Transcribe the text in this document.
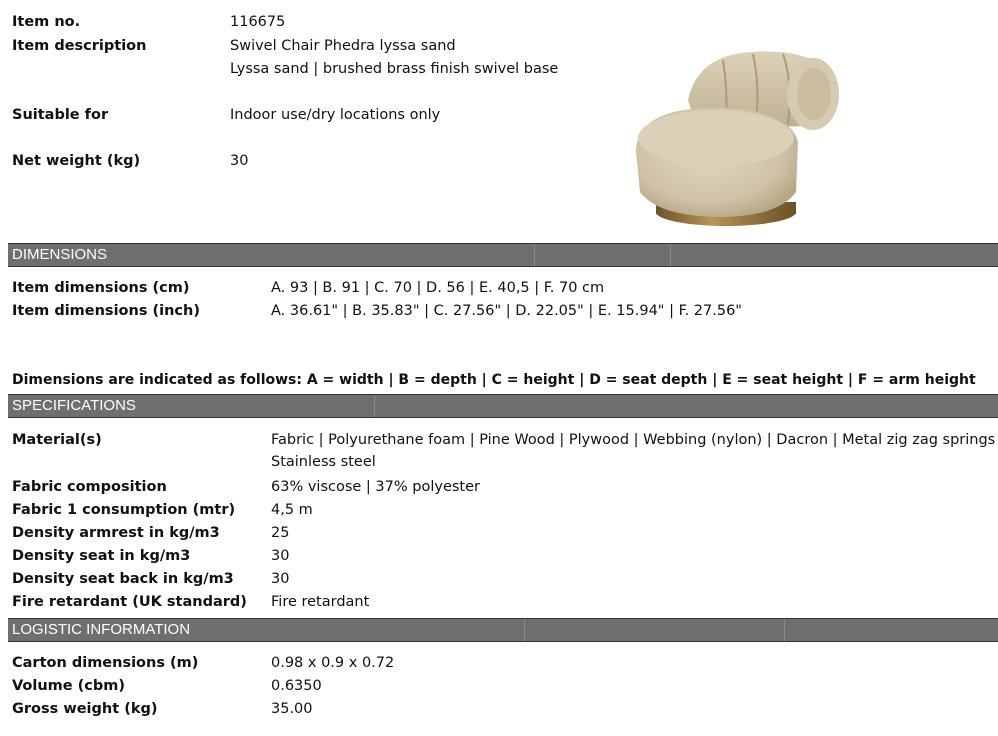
Item no.	116675
Item description	Swivel Chair Phedra lyssa sand
Lyssa sand | brushed brass finish swivel base
Suitable for	Indoor use/dry locations only
Net weight (kg)	30
DIMENSIONS
Item dimensions (cm)	A. 93 | B. 91 | C. 70 | D. 56 | E. 40,5 | F. 70 cm
Item dimensions (inch)	A. 36.61" | B. 35.83" | C. 27.56" | D. 22.05" | E. 15.94" | F. 27.56"
Dimensions are indicated as follows: A = width | B = depth | C = height | D = seat depth | E = seat height | F = arm height
SPECIFICATIONS
Material(s)	Fabric | Polyurethane foam | Pine Wood | Plywood | Webbing (nylon) | Dacron | Metal zig zag springs
Stainless steel
Fabric composition	63% viscose | 37% polyester
Fabric 1 consumption (mtr) 4,5 m
Density armrest in kg/m3	25
Density seat in kg/m3	30
Density seat back in kg/m3	30
Fire retardant (UK standard) Fire retardant
LOGISTIC INFORMATION
Carton dimensions (m)	0.98 x 0.9 x 0.72
Volume (cbm)	0.6350
Gross weight (kg)	35.00
